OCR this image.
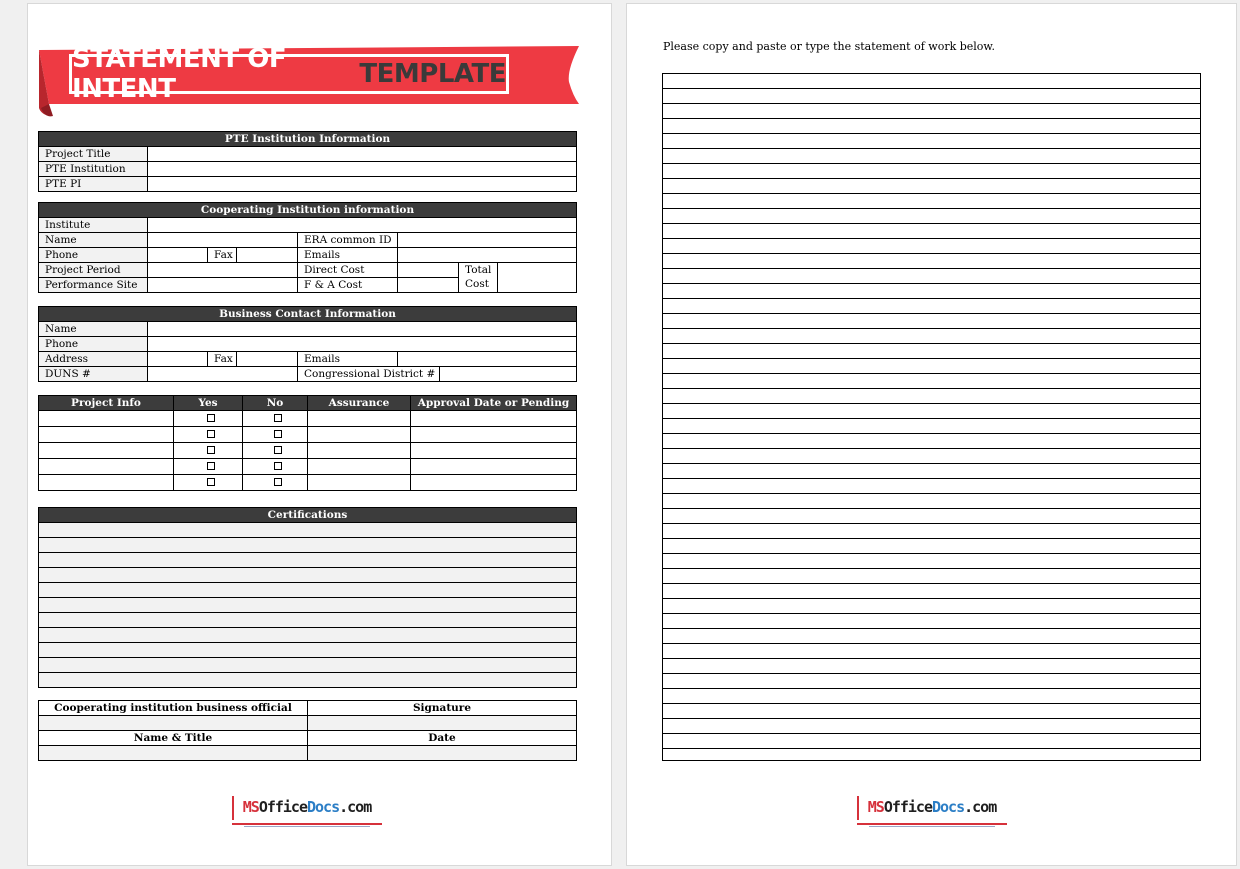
STATEMENT OF INTENT	TEMPLATE
PTE Institution Information	
Project Title	
PTE Institution	
PTE PI	
Cooperating Institution information							
Institute							
Name				ERA common ID			
Phone		Fax		Emails			
Project Period				Direct Cost		Total	
Performance Site				F & A Cost		Cost	
Business Contact Information						
Name						
Phone						
Address		Fax		Emails		
DUNS #				Congressional District #		
Project Info	Yes	No	Assurance	Approval Date or Pending

Certifications

Cooperating institution business official	Signature

Name & Title	Date

MSOfficeDocs.com
Please copy and paste or type the statement of work below.
MSOfficeDocs.com
